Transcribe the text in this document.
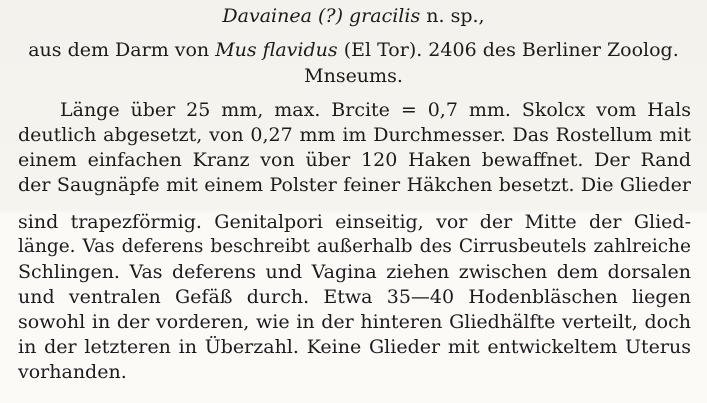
Davainea (?) gracilis n. sp.,
aus dem Darm von Mus flavidus (El Tor). 2406 des Berliner Zoolog.
Mnseums.
Länge über 25 mm, max. Brcite = 0,7 mm. Skolcx vom Hals
deutlich abgesetzt, von 0,27 mm im Durchmesser. Das Rostellum mit
einem einfachen Kranz von über 120 Haken bewaffnet. Der Rand
der Saugnäpfe mit einem Polster feiner Häkchen besetzt. Die Glieder
sind trapezförmig. Genitalpori einseitig, vor der Mitte der Glied-
länge. Vas deferens beschreibt außerhalb des Cirrusbeutels zahlreiche
Schlingen. Vas deferens und Vagina ziehen zwischen dem dorsalen
und ventralen Gefäß durch. Etwa 35—40 Hodenbläschen liegen
sowohl in der vorderen, wie in der hinteren Gliedhälfte verteilt, doch
in der letzteren in Überzahl. Keine Glieder mit entwickeltem Uterus
vorhanden.
